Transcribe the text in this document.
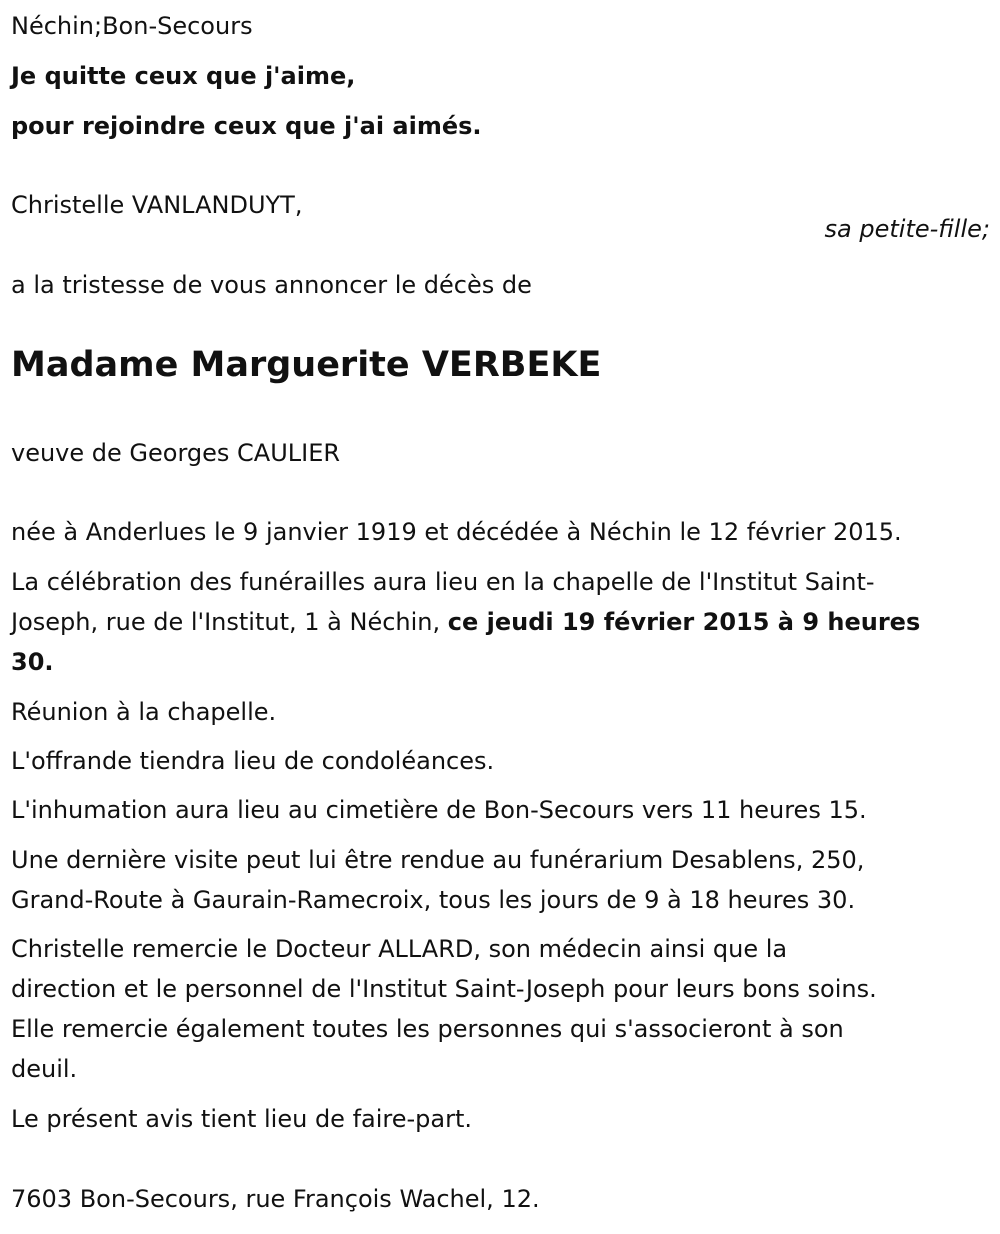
Néchin;Bon-Secours
Je quitte ceux que j'aime,
pour rejoindre ceux que j'ai aimés.
Christelle VANLANDUYT,
sa petite-fille;
a la tristesse de vous annoncer le décès de
Madame Marguerite VERBEKE
veuve de Georges CAULIER
née à Anderlues le 9 janvier 1919 et décédée à Néchin le 12 février 2015.
La célébration des funérailles aura lieu en la chapelle de l'Institut Saint-
Joseph, rue de l'Institut, 1 à Néchin, ce jeudi 19 février 2015 à 9 heures
30.
Réunion à la chapelle.
L'offrande tiendra lieu de condoléances.
L'inhumation aura lieu au cimetière de Bon-Secours vers 11 heures 15.
Une dernière visite peut lui être rendue au funérarium Desablens, 250,
Grand-Route à Gaurain-Ramecroix, tous les jours de 9 à 18 heures 30.
Christelle remercie le Docteur ALLARD, son médecin ainsi que la
direction et le personnel de l'Institut Saint-Joseph pour leurs bons soins.
Elle remercie également toutes les personnes qui s'associeront à son
deuil.
Le présent avis tient lieu de faire-part.
7603 Bon-Secours, rue François Wachel, 12.
